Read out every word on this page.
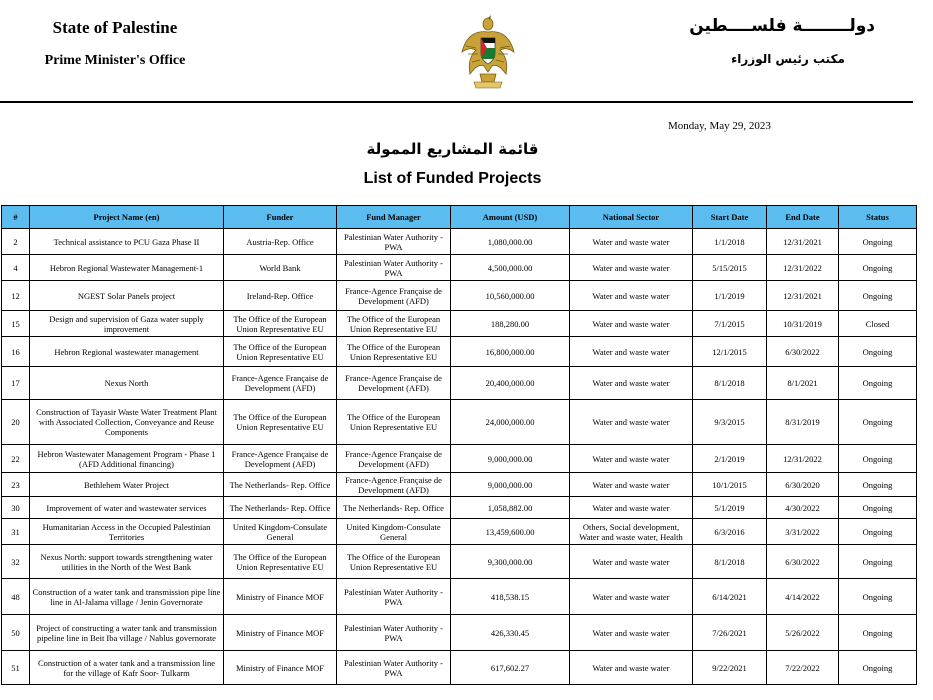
State of Palestine
Prime Minister's Office
دولــــــــة فلســــطين
مكتب رئيس الوزراء
Monday, May 29, 2023
قائمة المشاريع الممولة
List of Funded Projects
#	Project Name (en)	Funder	Fund Manager	Amount (USD)	National Sector	Start Date	End Date	Status
2	Technical assistance to PCU Gaza Phase II	Austria-Rep. Office	Palestinian Water Authority - PWA	1,080,000.00	Water and waste water	1/1/2018	12/31/2021	Ongoing
4	Hebron Regional Wastewater Management-1	World Bank	Palestinian Water Authority - PWA	4,500,000.00	Water and waste water	5/15/2015	12/31/2022	Ongoing
12	NGEST Solar Panels project	Ireland-Rep. Office	France-Agence Française de Development (AFD)	10,560,000.00	Water and waste water	1/1/2019	12/31/2021	Ongoing
15	Design and supervision of Gaza water supply improvement	The Office of the European Union Representative EU	The Office of the European Union Representative EU	188,280.00	Water and waste water	7/1/2015	10/31/2019	Closed
16	Hebron Regional wastewater management	The Office of the European Union Representative EU	The Office of the European Union Representative EU	16,800,000.00	Water and waste water	12/1/2015	6/30/2022	Ongoing
17	Nexus North	France-Agence Française de Development (AFD)	France-Agence Française de Development (AFD)	20,400,000.00	Water and waste water	8/1/2018	8/1/2021	Ongoing
20	Construction of Tayasir Waste Water Treatment Plant with Associated Collection, Conveyance and Reuse Components	The Office of the European Union Representative EU	The Office of the European Union Representative EU	24,000,000.00	Water and waste water	9/3/2015	8/31/2019	Ongoing
22	Hebron Wastewater Management Program - Phase 1 (AFD Additional financing)	France-Agence Française de Development (AFD)	France-Agence Française de Development (AFD)	9,000,000.00	Water and waste water	2/1/2019	12/31/2022	Ongoing
23	Bethlehem Water Project	The Netherlands- Rep. Office	France-Agence Française de Development (AFD)	9,000,000.00	Water and waste water	10/1/2015	6/30/2020	Ongoing
30	Improvement of water and wastewater services	The Netherlands- Rep. Office	The Netherlands- Rep. Office	1,058,882.00	Water and waste water	5/1/2019	4/30/2022	Ongoing
31	Humanitarian Access in the Occupied Palestinian Territories	United Kingdom-Consulate General	United Kingdom-Consulate General	13,459,600.00	Others, Social development, Water and waste water, Health	6/3/2016	3/31/2022	Ongoing
32	Nexus North: support towards strengthening water utilities in the North of the West Bank	The Office of the European Union Representative EU	The Office of the European Union Representative EU	9,300,000.00	Water and waste water	8/1/2018	6/30/2022	Ongoing
48	Construction of a water tank and transmission pipe line line in Al-Jalama village / Jenin Governorate	Ministry of Finance MOF	Palestinian Water Authority - PWA	418,538.15	Water and waste water	6/14/2021	4/14/2022	Ongoing
50	Project of constructing a water tank and transmission pipeline line in Beit Iba village / Nablus governorate	Ministry of Finance MOF	Palestinian Water Authority - PWA	426,330.45	Water and waste water	7/26/2021	5/26/2022	Ongoing
51	Construction of a water tank and a transmission line for the village of Kafr Soor- Tulkarm	Ministry of Finance MOF	Palestinian Water Authority - PWA	617,602.27	Water and waste water	9/22/2021	7/22/2022	Ongoing
